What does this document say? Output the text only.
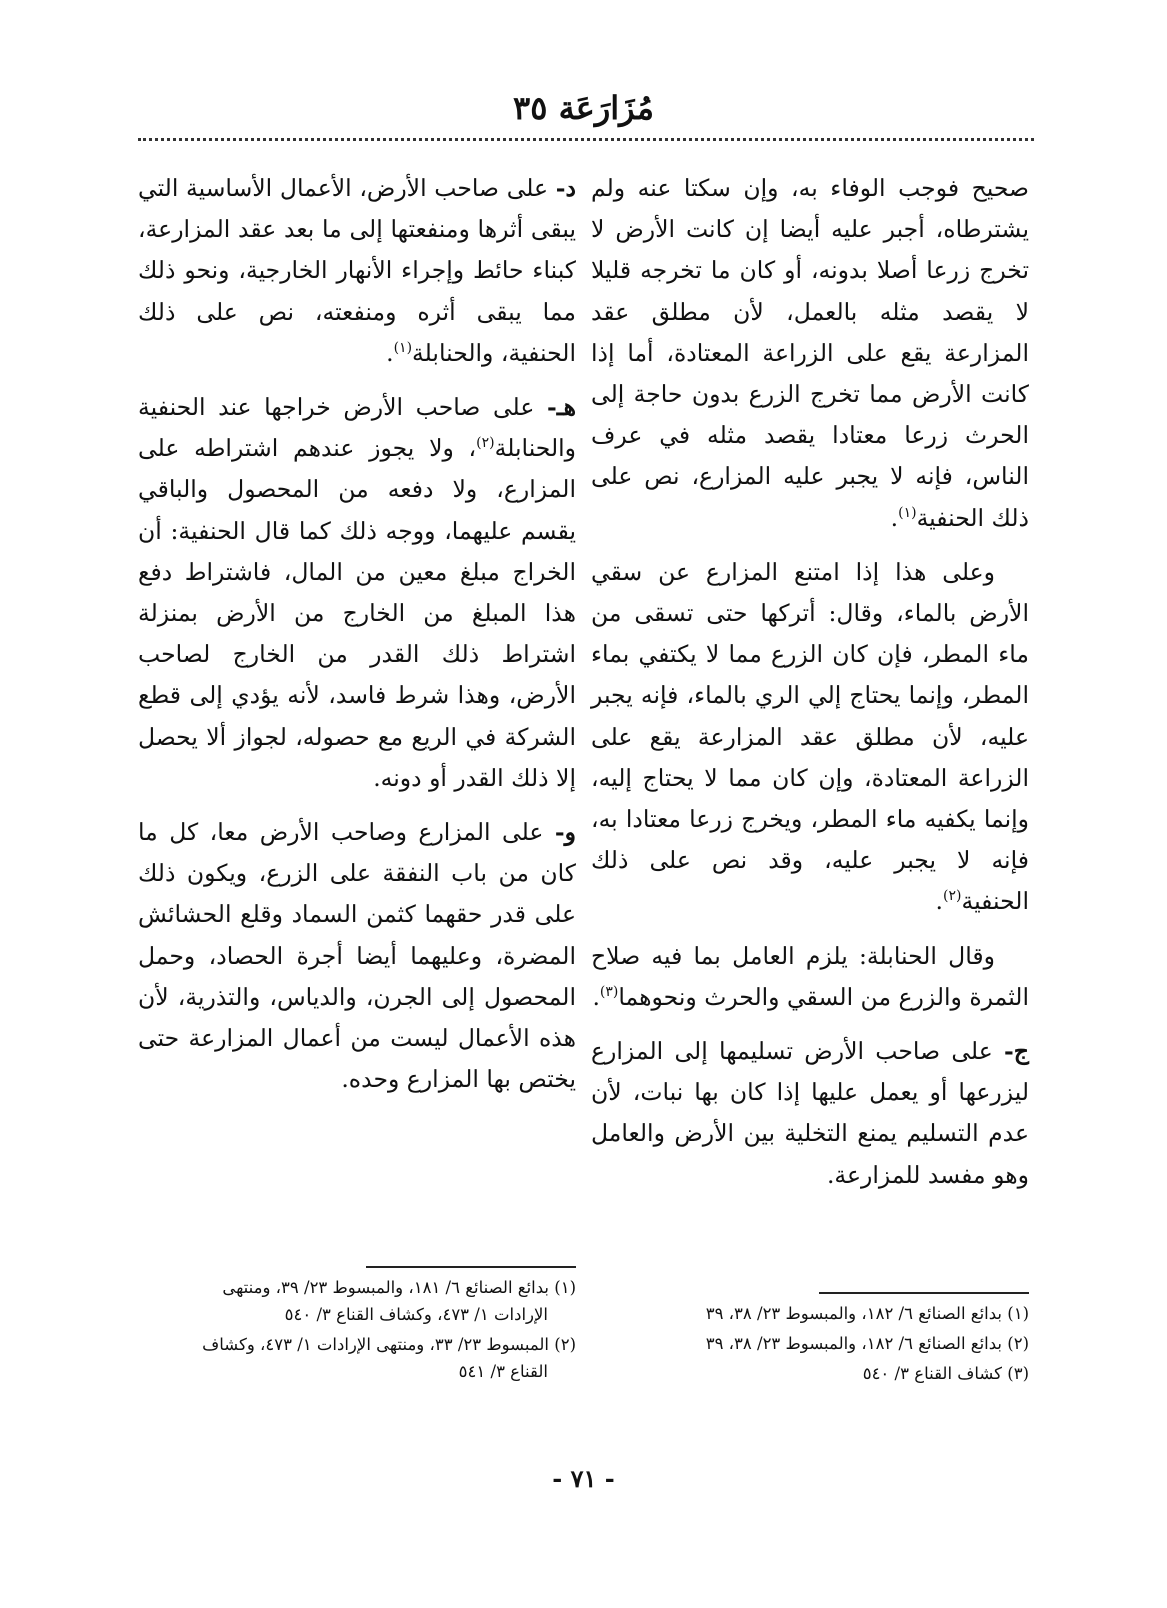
مُزَارَعَة ٣٥

صحيح فوجب الوفاء به، وإن سكتا عنه ولم يشترطاه، أجبر عليه أيضا إن كانت الأرض لا تخرج زرعا أصلا بدونه، أو كان ما تخرجه قليلا لا يقصد مثله بالعمل، لأن مطلق عقد المزارعة يقع على الزراعة المعتادة، أما إذا كانت الأرض مما تخرج الزرع بدون حاجة إلى الحرث زرعا معتادا يقصد مثله في عرف الناس، فإنه لا يجبر عليه المزارع، نص على ذلك الحنفية$^{(١)}$.

وعلى هذا إذا امتنع المزارع عن سقي الأرض بالماء، وقال: أتركها حتى تسقى من ماء المطر، فإن كان الزرع مما لا يكتفي بماء المطر، وإنما يحتاج إلي الري بالماء، فإنه يجبر عليه، لأن مطلق عقد المزارعة يقع على الزراعة المعتادة، وإن كان مما لا يحتاج إليه، وإنما يكفيه ماء المطر، ويخرج زرعا معتادا به، فإنه لا يجبر عليه، وقد نص على ذلك الحنفية$^{(٢)}$.

وقال الحنابلة: يلزم العامل بما فيه صلاح الثمرة والزرع من السقي والحرث ونحوهما$^{(٣)}$.

ج- على صاحب الأرض تسليمها إلى المزارع ليزرعها أو يعمل عليها إذا كان بها نبات، لأن عدم التسليم يمنع التخلية بين الأرض والعامل وهو مفسد للمزارعة.

د- على صاحب الأرض، الأعمال الأساسية التي يبقى أثرها ومنفعتها إلى ما بعد عقد المزارعة، كبناء حائط وإجراء الأنهار الخارجية، ونحو ذلك مما يبقى أثره ومنفعته، نص على ذلك الحنفية، والحنابلة$^{(١)}$.

هـ- على صاحب الأرض خراجها عند الحنفية والحنابلة$^{(٢)}$، ولا يجوز عندهم اشتراطه على المزارع، ولا دفعه من المحصول والباقي يقسم عليهما، ووجه ذلك كما قال الحنفية: أن الخراج مبلغ معين من المال، فاشتراط دفع هذا المبلغ من الخارج من الأرض بمنزلة اشتراط ذلك القدر من الخارج لصاحب الأرض، وهذا شرط فاسد، لأنه يؤدي إلى قطع الشركة في الريع مع حصوله، لجواز ألا يحصل إلا ذلك القدر أو دونه.

و- على المزارع وصاحب الأرض معا، كل ما كان من باب النفقة على الزرع، ويكون ذلك على قدر حقهما كثمن السماد وقلع الحشائش المضرة، وعليهما أيضا أجرة الحصاد، وحمل المحصول إلى الجرن، والدياس، والتذرية، لأن هذه الأعمال ليست من أعمال المزارعة حتى يختص بها المزارع وحده.

(١) بدائع الصنائع ٦/ ١٨٢، والمبسوط ٢٣/ ٣٨، ٣٩
(٢) بدائع الصنائع ٦/ ١٨٢، والمبسوط ٢٣/ ٣٨، ٣٩
(٣) كشاف القناع ٣/ ٥٤٠
(١) بدائع الصنائع ٦/ ١٨١، والمبسوط ٢٣/ ٣٩، ومنتهى
الإرادات ١/ ٤٧٣، وكشاف القناع ٣/ ٥٤٠
(٢) المبسوط ٢٣/ ٣٣، ومنتهى الإرادات ١/ ٤٧٣، وكشاف
القناع ٣/ ٥٤١
- ٧١ -
